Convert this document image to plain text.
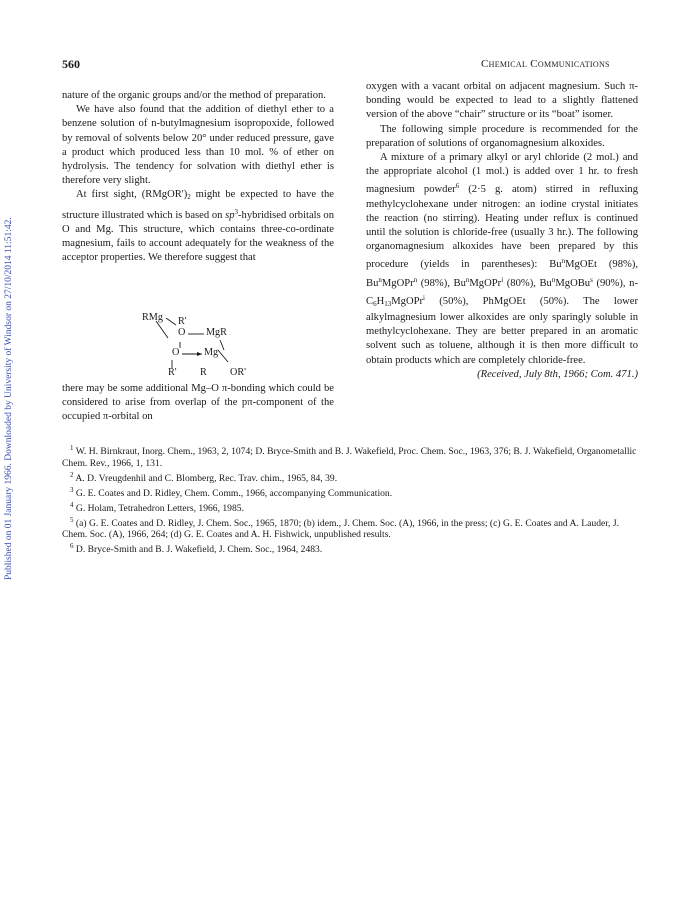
Published on 01 January 1966. Downloaded by University of Windsor on 27/10/2014 11:51:42.
560	Chemical Communications

nature of the organic groups and/or the method of preparation.

We have also found that the addition of diethyl ether to a benzene solution of n-butylmagnesium isopropoxide, followed by removal of solvents below 20° under reduced pressure, gave a product which produced less than 10 mol. % of ether on hydrolysis. The tendency for solvation with diethyl ether is therefore very slight.

At first sight, $(RMgOR')_2$ might be expected to have the structure illustrated which is based on $sp^3$-hybridised orbitals on O and Mg. This structure, which contains three-co-ordinate magnesium, fails to account adequately for the weakness of the acceptor properties. We therefore suggest that

RMg R'
O MgR
O Mg
R' R OR'

there may be some additional Mg–O π-bonding which could be considered to arise from overlap of the pπ-component of the occupied π-orbital on

oxygen with a vacant orbital on adjacent magnesium. Such π-bonding would be expected to lead to a slightly flattened version of the above “chair” structure or its “boat” isomer.

The following simple procedure is recommended for the preparation of solutions of organomagnesium alkoxides.

A mixture of a primary alkyl or aryl chloride (2 mol.) and the appropriate alcohol (1 mol.) is added over 1 hr. to fresh magnesium powder$^6$ (2·5 g. atom) stirred in refluxing methylcyclohexane under nitrogen: an iodine crystal initiates the reaction (no stirring). Heating under reflux is continued until the solution is chloride-free (usually 3 hr.). The following organomagnesium alkoxides have been prepared by this procedure (yields in parentheses): Bu$^n$MgOEt (98%), Bu$^n$MgOPr$^n$ (98%), Bu$^n$MgOPr$^i$ (80%), Bu$^n$MgOBu$^s$ (90%), $n-C_6H_{13}MgOPr^i$ (50%), PhMgOEt (50%). The lower alkylmagnesium lower alkoxides are only sparingly soluble in methylcyclohexane. They are better prepared in an aromatic solvent such as toluene, although it is then more difficult to obtain products which are completely chloride-free.

(Received, July 8th, 1966; Com. 471.)

$^1$ W. H. Birnkraut, Inorg. Chem., 1963, 2, 1074; D. Bryce-Smith and B. J. Wakefield, Proc. Chem. Soc., 1963, 376; B. J. Wakefield, Organometallic Chem. Rev., 1966, 1, 131.

$^2$ A. D. Vreugdenhil and C. Blomberg, Rec. Trav. chim., 1965, 84, 39.

$^3$ G. E. Coates and D. Ridley, Chem. Comm., 1966, accompanying Communication.

$^4$ G. Holam, Tetrahedron Letters, 1966, 1985.

$^5$ (a) G. E. Coates and D. Ridley, J. Chem. Soc., 1965, 1870; (b) idem., J. Chem. Soc. (A), 1966, in the press; (c) G. E. Coates and A. Lauder, J. Chem. Soc. (A), 1966, 264; (d) G. E. Coates and A. H. Fishwick, unpublished results.

$^6$ D. Bryce-Smith and B. J. Wakefield, J. Chem. Soc., 1964, 2483.
